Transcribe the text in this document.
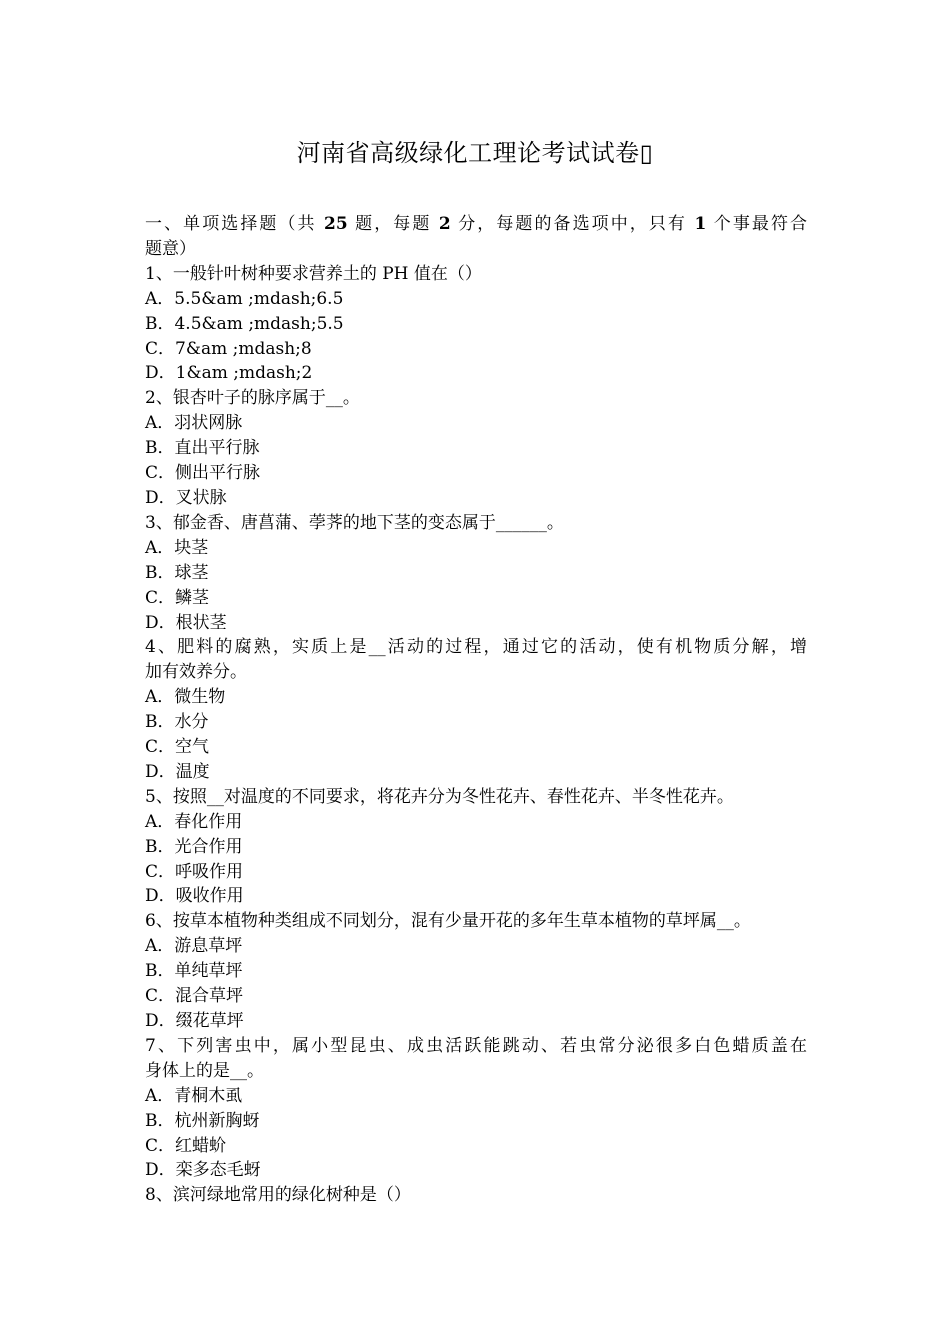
河南省高级绿化工理论考试试卷▯
一、单项选择题（共 25 题，每题 2 分，每题的备选项中，只有 1 个事最符合
题意）
1、一般针叶树种要求营养土的 PH 值在（）
A．5.5&am ;mdash;6.5
B．4.5&am ;mdash;5.5
C．7&am ;mdash;8
D．1&am ;mdash;2
2、银杏叶子的脉序属于__。
A．羽状网脉
B．直出平行脉
C．侧出平行脉
D．叉状脉
3、郁金香、唐菖蒲、荸荠的地下茎的变态属于______。
A．块茎
B．球茎
C．鳞茎
D．根状茎
4、肥料的腐熟，实质上是__活动的过程，通过它的活动，使有机物质分解，增
加有效养分。
A．微生物
B．水分
C．空气
D．温度
5、按照__对温度的不同要求，将花卉分为冬性花卉、春性花卉、半冬性花卉。
A．春化作用
B．光合作用
C．呼吸作用
D．吸收作用
6、按草本植物种类组成不同划分，混有少量开花的多年生草本植物的草坪属__。
A．游息草坪
B．单纯草坪
C．混合草坪
D．缀花草坪
7、下列害虫中，属小型昆虫、成虫活跃能跳动、若虫常分泌很多白色蜡质盖在
身体上的是__。
A．青桐木虱
B．杭州新胸蚜
C．红蜡蚧
D．栾多态毛蚜
8、滨河绿地常用的绿化树种是（）
